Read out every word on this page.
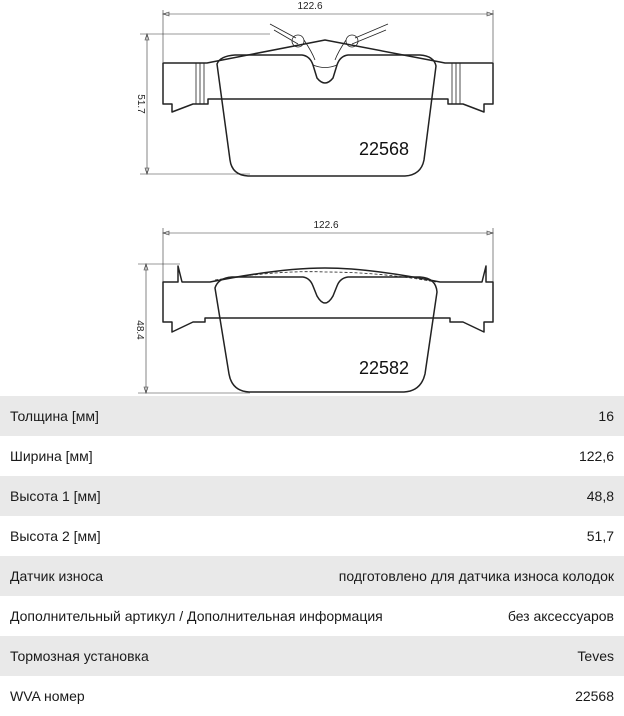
122.6
51.7
22568
122.6
48.4
22582
Толщина [мм]	16
Ширина [мм]	122,6
Высота 1 [мм]	48,8
Высота 2 [мм]	51,7
Датчик износа	подготовлено для датчика износа колодок
Дополнительный артикул / Дополнительная информация	без аксессуаров
Тормозная установка	Teves
WVA номер	22568
